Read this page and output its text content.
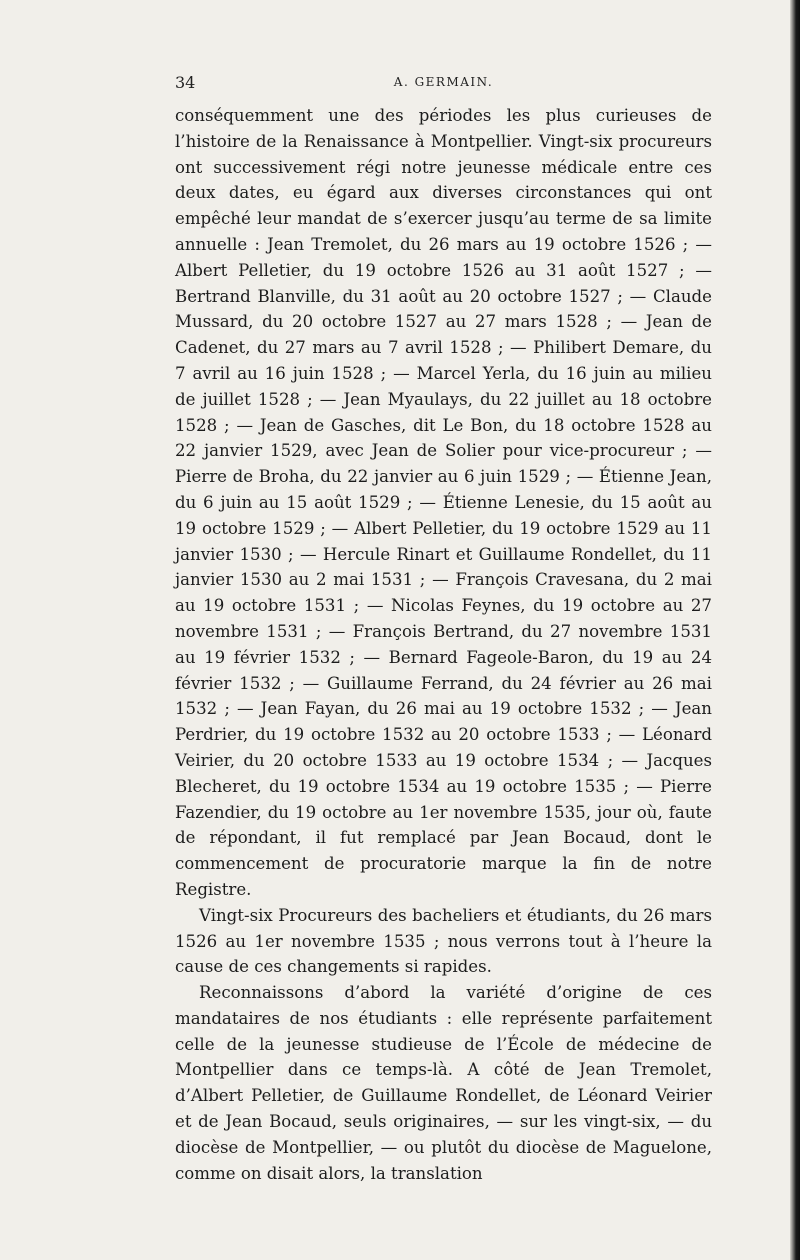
34	A. GERMAIN.

conséquemment une des périodes les plus curieuses de l’histoire de la Renaissance à Montpellier. Vingt-six procureurs ont successivement régi notre jeunesse médicale entre ces deux dates, eu égard aux diverses circonstances qui ont empêché leur mandat de s’exercer jusqu’au terme de sa limite annuelle : Jean Tremolet, du 26 mars au 19 octobre 1526 ; — Albert Pelletier, du 19 octobre 1526 au 31 août 1527 ; — Bertrand Blanville, du 31 août au 20 octobre 1527 ; — Claude Mussard, du 20 octobre 1527 au 27 mars 1528 ; — Jean de Cadenet, du 27 mars au 7 avril 1528 ; — Philibert Demare, du 7 avril au 16 juin 1528 ; — Marcel Yerla, du 16 juin au milieu de juillet 1528 ; — Jean Myaulays, du 22 juillet au 18 octobre 1528 ; — Jean de Gasches, dit Le Bon, du 18 octobre 1528 au 22 janvier 1529, avec Jean de Solier pour vice-procureur ; — Pierre de Broha, du 22 janvier au 6 juin 1529 ; — Étienne Jean, du 6 juin au 15 août 1529 ; — Étienne Lenesie, du 15 août au 19 octobre 1529 ; — Albert Pelletier, du 19 octobre 1529 au 11 janvier 1530 ; — Hercule Rinart et Guillaume Rondellet, du 11 janvier 1530 au 2 mai 1531 ; — François Cravesana, du 2 mai au 19 octobre 1531 ; — Nicolas Feynes, du 19 octobre au 27 novembre 1531 ; — François Bertrand, du 27 novembre 1531 au 19 février 1532 ; — Bernard Fageole-Baron, du 19 au 24 février 1532 ; — Guillaume Ferrand, du 24 février au 26 mai 1532 ; — Jean Fayan, du 26 mai au 19 octobre 1532 ; — Jean Perdrier, du 19 octobre 1532 au 20 octobre 1533 ; — Léonard Veirier, du 20 octobre 1533 au 19 octobre 1534 ; — Jacques Blecheret, du 19 octobre 1534 au 19 octobre 1535 ; — Pierre Fazendier, du 19 octobre au 1er novembre 1535, jour où, faute de répondant, il fut remplacé par Jean Bocaud, dont le commencement de procuratorie marque la fin de notre Registre.

Vingt-six Procureurs des bacheliers et étudiants, du 26 mars 1526 au 1er novembre 1535 ; nous verrons tout à l’heure la cause de ces changements si rapides.

Reconnaissons d’abord la variété d’origine de ces mandataires de nos étudiants : elle représente parfaitement celle de la jeunesse studieuse de l’École de médecine de Montpellier dans ce temps-là. A côté de Jean Tremolet, d’Albert Pelletier, de Guillaume Rondellet, de Léonard Veirier et de Jean Bocaud, seuls originaires, — sur les vingt-six, — du diocèse de Montpellier, — ou plutôt du diocèse de Maguelone, comme on disait alors, la translation
